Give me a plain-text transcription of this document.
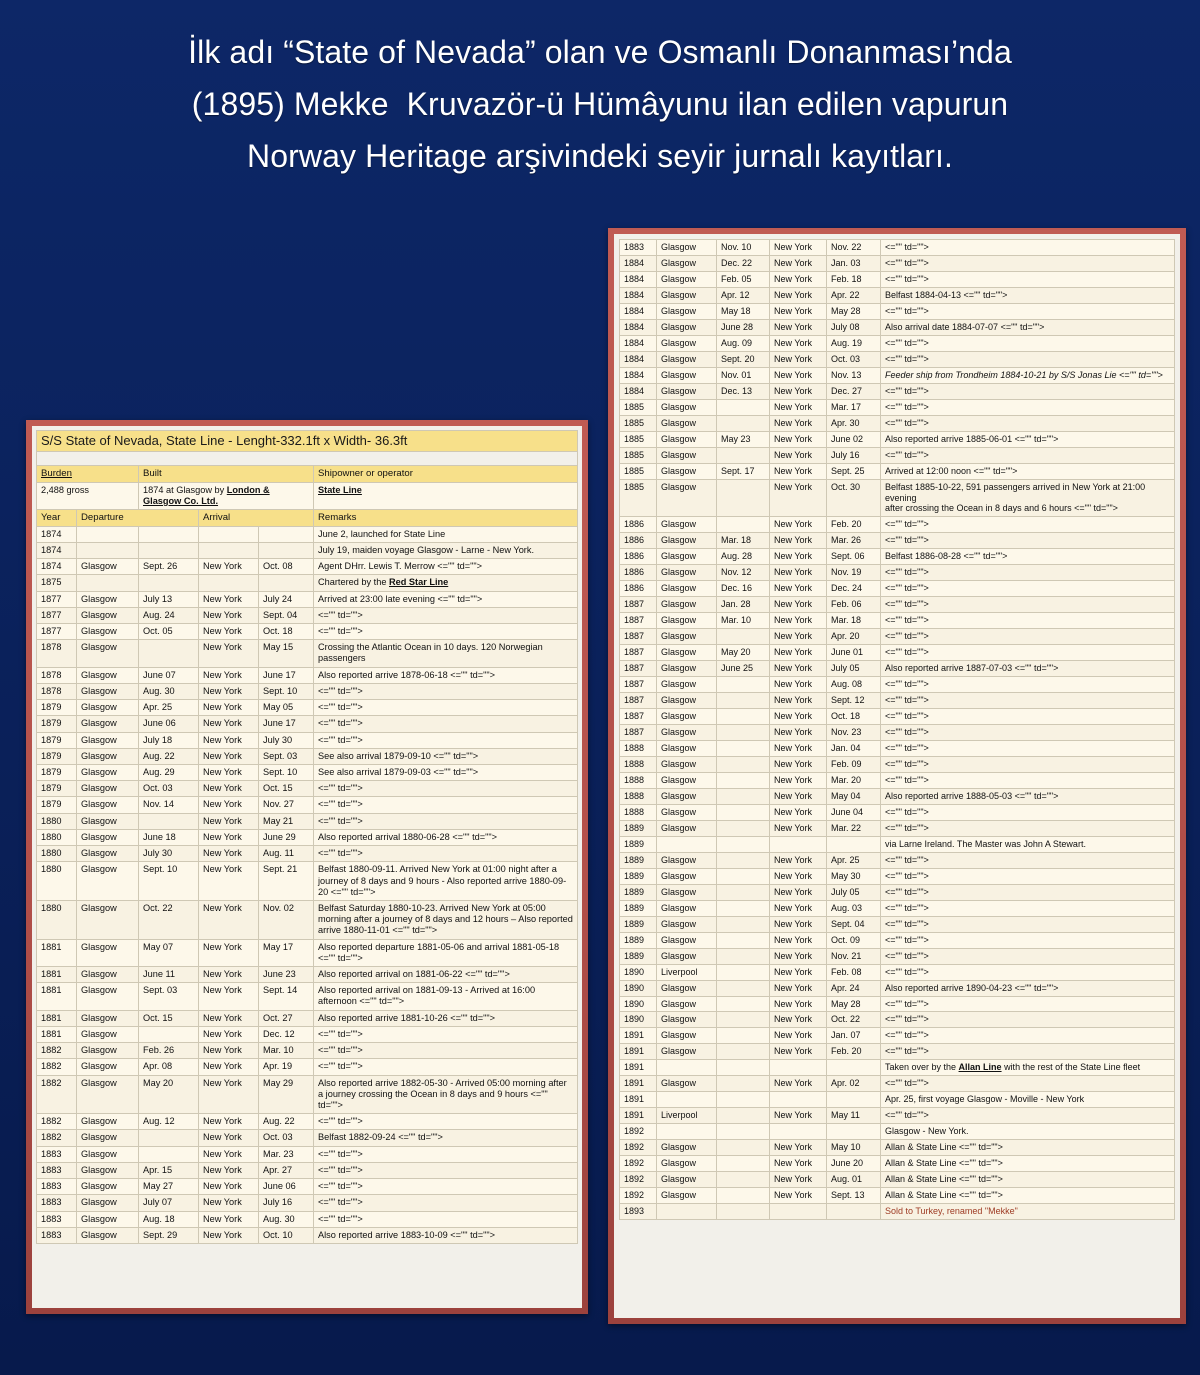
İlk adı “State of Nevada” olan ve Osmanlı Donanması’nda
(1895) Mekke  Kruvazör-ü Hümâyunu ilan edilen vapurun
Norway Heritage arşivindeki seyir jurnalı kayıtları.
S/S State of Nevada, State Line - Lenght-332.1ft x Width- 36.3ft					

Burden		Built			Shipowner or operator
2,488 gross		1874 at Glasgow by London & Glasgow Co. Ltd.			State Line
Year	Departure		Arrival		Remarks
1874					June 2, launched for State Line
1874					July 19, maiden voyage Glasgow - Larne - New York.
1874	Glasgow	Sept. 26	New York	Oct. 08	Agent DHrr. Lewis T. Merrow <="" td="">
1875					Chartered by the Red Star Line
1877	Glasgow	July 13	New York	July 24	Arrived at 23:00 late evening <="" td="">
1877	Glasgow	Aug. 24	New York	Sept. 04	<="" td="">
1877	Glasgow	Oct. 05	New York	Oct. 18	<="" td="">
1878	Glasgow		New York	May 15	Crossing the Atlantic Ocean in 10 days. 120 Norwegian passengers
1878	Glasgow	June 07	New York	June 17	Also reported arrive 1878-06-18 <="" td="">
1878	Glasgow	Aug. 30	New York	Sept. 10	<="" td="">
1879	Glasgow	Apr. 25	New York	May 05	<="" td="">
1879	Glasgow	June 06	New York	June 17	<="" td="">
1879	Glasgow	July 18	New York	July 30	<="" td="">
1879	Glasgow	Aug. 22	New York	Sept. 03	See also arrival 1879-09-10 <="" td="">
1879	Glasgow	Aug. 29	New York	Sept. 10	See also arrival 1879-09-03 <="" td="">
1879	Glasgow	Oct. 03	New York	Oct. 15	<="" td="">
1879	Glasgow	Nov. 14	New York	Nov. 27	<="" td="">
1880	Glasgow		New York	May 21	<="" td="">
1880	Glasgow	June 18	New York	June 29	Also reported arrival 1880-06-28 <="" td="">
1880	Glasgow	July 30	New York	Aug. 11	<="" td="">
1880	Glasgow	Sept. 10	New York	Sept. 21	Belfast 1880-09-11. Arrived New York at 01:00 night after a journey of 8 days and 9 hours - Also reported arrive 1880-09-20 <="" td="">
1880	Glasgow	Oct. 22	New York	Nov. 02	Belfast Saturday 1880-10-23. Arrived New York at 05:00 morning after a journey of 8 days and 12 hours – Also reported arrive 1880-11-01 <="" td="">
1881	Glasgow	May 07	New York	May 17	Also reported departure 1881-05-06 and arrival 1881-05-18 <="" td="">
1881	Glasgow	June 11	New York	June 23	Also reported arrival on 1881-06-22 <="" td="">
1881	Glasgow	Sept. 03	New York	Sept. 14	Also reported arrival on 1881-09-13 - Arrived at 16:00 afternoon <="" td="">
1881	Glasgow	Oct. 15	New York	Oct. 27	Also reported arrive 1881-10-26 <="" td="">
1881	Glasgow		New York	Dec. 12	<="" td="">
1882	Glasgow	Feb. 26	New York	Mar. 10	<="" td="">
1882	Glasgow	Apr. 08	New York	Apr. 19	<="" td="">
1882	Glasgow	May 20	New York	May 29	Also reported arrive 1882-05-30 - Arrived 05:00 morning after a journey crossing the Ocean in 8 days and 9 hours <="" td="">
1882	Glasgow	Aug. 12	New York	Aug. 22	<="" td="">
1882	Glasgow		New York	Oct. 03	Belfast 1882-09-24 <="" td="">
1883	Glasgow		New York	Mar. 23	<="" td="">
1883	Glasgow	Apr. 15	New York	Apr. 27	<="" td="">
1883	Glasgow	May 27	New York	June 06	<="" td="">
1883	Glasgow	July 07	New York	July 16	<="" td="">
1883	Glasgow	Aug. 18	New York	Aug. 30	<="" td="">
1883	Glasgow	Sept. 29	New York	Oct. 10	Also reported arrive 1883-10-09 <="" td="">
1883	Glasgow	Nov. 10	New York	Nov. 22	<="" td="">
1884	Glasgow	Dec. 22	New York	Jan. 03	<="" td="">
1884	Glasgow	Feb. 05	New York	Feb. 18	<="" td="">
1884	Glasgow	Apr. 12	New York	Apr. 22	Belfast 1884-04-13 <="" td="">
1884	Glasgow	May 18	New York	May 28	<="" td="">
1884	Glasgow	June 28	New York	July 08	Also arrival date 1884-07-07 <="" td="">
1884	Glasgow	Aug. 09	New York	Aug. 19	<="" td="">
1884	Glasgow	Sept. 20	New York	Oct. 03	<="" td="">
1884	Glasgow	Nov. 01	New York	Nov. 13	Feeder ship from Trondheim 1884-10-21 by S/S Jonas Lie <="" td="">
1884	Glasgow	Dec. 13	New York	Dec. 27	<="" td="">
1885	Glasgow		New York	Mar. 17	<="" td="">
1885	Glasgow		New York	Apr. 30	<="" td="">
1885	Glasgow	May 23	New York	June 02	Also reported arrive 1885-06-01 <="" td="">
1885	Glasgow		New York	July 16	<="" td="">
1885	Glasgow	Sept. 17	New York	Sept. 25	Arrived at 12:00 noon <="" td="">
1885	Glasgow		New York	Oct. 30	Belfast 1885-10-22, 591 passengers arrived in New York at 21:00 evening
after crossing the Ocean in 8 days and 6 hours <="" td="">
1886	Glasgow		New York	Feb. 20	<="" td="">
1886	Glasgow	Mar. 18	New York	Mar. 26	<="" td="">
1886	Glasgow	Aug. 28	New York	Sept. 06	Belfast 1886-08-28 <="" td="">
1886	Glasgow	Nov. 12	New York	Nov. 19	<="" td="">
1886	Glasgow	Dec. 16	New York	Dec. 24	<="" td="">
1887	Glasgow	Jan. 28	New York	Feb. 06	<="" td="">
1887	Glasgow	Mar. 10	New York	Mar. 18	<="" td="">
1887	Glasgow		New York	Apr. 20	<="" td="">
1887	Glasgow	May 20	New York	June 01	<="" td="">
1887	Glasgow	June 25	New York	July 05	Also reported arrive 1887-07-03 <="" td="">
1887	Glasgow		New York	Aug. 08	<="" td="">
1887	Glasgow		New York	Sept. 12	<="" td="">
1887	Glasgow		New York	Oct. 18	<="" td="">
1887	Glasgow		New York	Nov. 23	<="" td="">
1888	Glasgow		New York	Jan. 04	<="" td="">
1888	Glasgow		New York	Feb. 09	<="" td="">
1888	Glasgow		New York	Mar. 20	<="" td="">
1888	Glasgow		New York	May 04	Also reported arrive 1888-05-03 <="" td="">
1888	Glasgow		New York	June 04	<="" td="">
1889	Glasgow		New York	Mar. 22	<="" td="">
1889					via Larne Ireland. The Master was John A Stewart.
1889	Glasgow		New York	Apr. 25	<="" td="">
1889	Glasgow		New York	May 30	<="" td="">
1889	Glasgow		New York	July 05	<="" td="">
1889	Glasgow		New York	Aug. 03	<="" td="">
1889	Glasgow		New York	Sept. 04	<="" td="">
1889	Glasgow		New York	Oct. 09	<="" td="">
1889	Glasgow		New York	Nov. 21	<="" td="">
1890	Liverpool		New York	Feb. 08	<="" td="">
1890	Glasgow		New York	Apr. 24	Also reported arrive 1890-04-23 <="" td="">
1890	Glasgow		New York	May 28	<="" td="">
1890	Glasgow		New York	Oct. 22	<="" td="">
1891	Glasgow		New York	Jan. 07	<="" td="">
1891	Glasgow		New York	Feb. 20	<="" td="">
1891					Taken over by the Allan Line with the rest of the State Line fleet
1891	Glasgow		New York	Apr. 02	<="" td="">
1891					Apr. 25, first voyage Glasgow - Moville - New York
1891	Liverpool		New York	May 11	<="" td="">
1892					Glasgow - New York.
1892	Glasgow		New York	May 10	Allan & State Line <="" td="">
1892	Glasgow		New York	June 20	Allan & State Line <="" td="">
1892	Glasgow		New York	Aug. 01	Allan & State Line <="" td="">
1892	Glasgow		New York	Sept. 13	Allan & State Line <="" td="">
1893					Sold to Turkey, renamed "Mekke"
